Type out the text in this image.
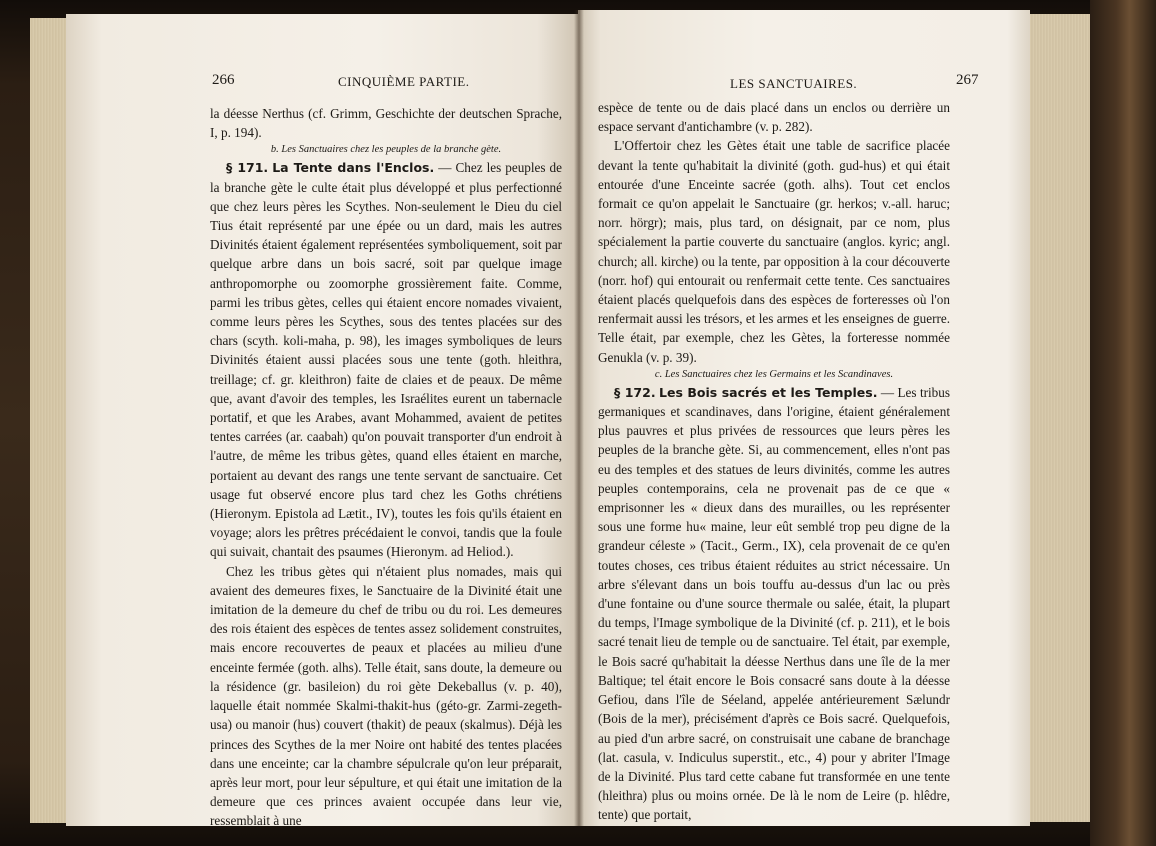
266	CINQUIÈME PARTIE.

la déesse Nerthus (cf. Grimm, Geschichte der deutschen Sprache, I, p. 194).

b. Les Sanctuaires chez les peuples de la branche gète.

§ 171. La Tente dans l'Enclos. — Chez les peuples de la branche gète le culte était plus développé et plus perfectionné que chez leurs pères les Scythes. Non-seulement le Dieu du ciel Tius était représenté par une épée ou un dard, mais les autres Divinités étaient également représentées symboliquement, soit par quelque arbre dans un bois sacré, soit par quelque image anthropomorphe ou zoomorphe grossièrement faite. Comme, parmi les tribus gètes, celles qui étaient encore nomades vivaient, comme leurs pères les Scythes, sous des tentes placées sur des chars (scyth. koli-maha, p. 98), les images symboliques de leurs Divinités étaient aussi placées sous une tente (goth. hleithra, treillage; cf. gr. kleithron) faite de claies et de peaux. De même que, avant d'avoir des temples, les Israélites eurent un tabernacle portatif, et que les Arabes, avant Mohammed, avaient de petites tentes carrées (ar. caabah) qu'on pouvait transporter d'un endroit à l'autre, de même les tribus gètes, quand elles étaient en marche, portaient au devant des rangs une tente servant de sanctuaire. Cet usage fut observé encore plus tard chez les Goths chrétiens (Hieronym. Epistola ad Lætit., IV), toutes les fois qu'ils étaient en voyage; alors les prêtres précédaient le convoi, tandis que la foule qui suivait, chantait des psaumes (Hieronym. ad Heliod.).

Chez les tribus gètes qui n'étaient plus nomades, mais qui avaient des demeures fixes, le Sanctuaire de la Divinité était une imitation de la demeure du chef de tribu ou du roi. Les demeures des rois étaient des espèces de tentes assez solidement construites, mais encore recouvertes de peaux et placées au milieu d'une enceinte fermée (goth. alhs). Telle était, sans doute, la demeure ou la résidence (gr. basileion) du roi gète Dekeballus (v. p. 40), laquelle était nommée Skalmi-thakit-hus (géto-gr. Zarmi-zegeth-usa) ou manoir (hus) couvert (thakit) de peaux (skalmus). Déjà les princes des Scythes de la mer Noire ont habité des tentes placées dans une enceinte; car la chambre sépulcrale qu'on leur préparait, après leur mort, pour leur sépulture, et qui était une imitation de la demeure que ces princes avaient occupée dans leur vie, ressemblait à une

LES SANCTUAIRES.	267

espèce de tente ou de dais placé dans un enclos ou derrière un espace servant d'antichambre (v. p. 282).

L'Offertoir chez les Gètes était une table de sacrifice placée devant la tente qu'habitait la divinité (goth. gud-hus) et qui était entourée d'une Enceinte sacrée (goth. alhs). Tout cet enclos formait ce qu'on appelait le Sanctuaire (gr. herkos; v.-all. haruc; norr. hörgr); mais, plus tard, on désignait, par ce nom, plus spécialement la partie couverte du sanctuaire (anglos. kyric; angl. church; all. kirche) ou la tente, par opposition à la cour découverte (norr. hof) qui entourait ou renfermait cette tente. Ces sanctuaires étaient placés quelquefois dans des espèces de forteresses où l'on renfermait aussi les trésors, et les armes et les enseignes de guerre. Telle était, par exemple, chez les Gètes, la forteresse nommée Genukla (v. p. 39).

c. Les Sanctuaires chez les Germains et les Scandinaves.

§ 172. Les Bois sacrés et les Temples. — Les tribus germaniques et scandinaves, dans l'origine, étaient généralement plus pauvres et plus privées de ressources que leurs pères les peuples de la branche gète. Si, au commencement, elles n'ont pas eu des temples et des statues de leurs divinités, comme les autres peuples contemporains, cela ne provenait pas de ce que « emprisonner les « dieux dans des murailles, ou les représenter sous une forme hu« maine, leur eût semblé trop peu digne de la grandeur céleste » (Tacit., Germ., IX), cela provenait de ce qu'en toutes choses, ces tribus étaient réduites au strict nécessaire. Un arbre s'élevant dans un bois touffu au-dessus d'un lac ou près d'une fontaine ou d'une source thermale ou salée, était, la plupart du temps, l'Image symbolique de la Divinité (cf. p. 211), et le bois sacré tenait lieu de temple ou de sanctuaire. Tel était, par exemple, le Bois sacré qu'habitait la déesse Nerthus dans une île de la mer Baltique; tel était encore le Bois consacré sans doute à la déesse Gefiou, dans l'île de Séeland, appelée antérieurement Sælundr (Bois de la mer), précisément d'après ce Bois sacré. Quelquefois, au pied d'un arbre sacré, on construisait une cabane de branchage (lat. casula, v. Indiculus superstit., etc., 4) pour y abriter l'Image de la Divinité. Plus tard cette cabane fut transformée en une tente (hleithra) plus ou moins ornée. De là le nom de Leire (p. hlêdre, tente) que portait,
